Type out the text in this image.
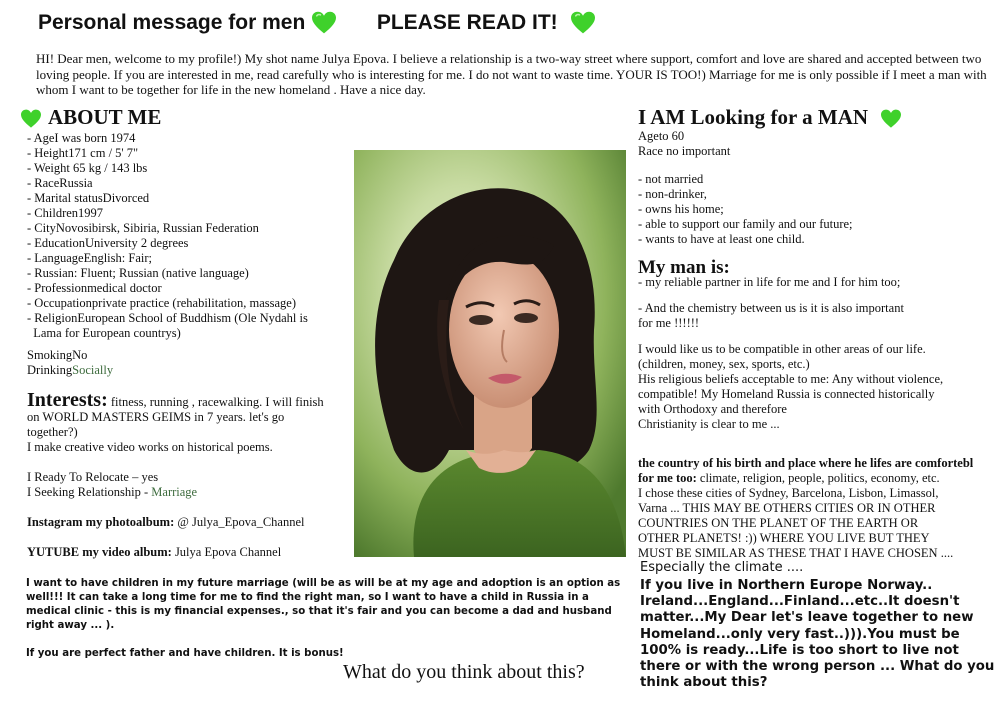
Personal message for men	PLEASE READ IT!
HI! Dear men, welcome to my profile!) My shot name Julya Epova. I believe a relationship is a two-way street where support, comfort and love are shared and accepted between two loving people. If you are interested in me, read carefully who is interesting for me. I do not want to waste time. YOUR IS TOO!) Marriage for me is only possible if I meet a man with whom I want to be together for life in the new homeland . Have a nice day.
ABOUT ME
- AgeI was born 1974
- Height171 cm / 5' 7"
- Weight 65 kg / 143 lbs
- RaceRussia
- Marital statusDivorced
- Children1997
- CityNovosibirsk, Sibiria, Russian Federation
- EducationUniversity 2 degrees
- LanguageEnglish: Fair;
- Russian: Fluent; Russian (native language)
- Professionmedical doctor
- Occupationprivate practice (rehabilitation, massage)
- ReligionEuropean School of Buddhism (Ole Nydahl is
Lama for European countrys)
SmokingNo
DrinkingSocially
Interests: fitness, running , racewalking. I will finish
on WORLD MASTERS GEIMS in 7 years. let's go
together?)
I make creative video works on historical poems.
I Ready To Relocate – yes
I Seeking Relationship - Marriage
Instagram my photoalbum: @ Julya_Epova_Channel
YUTUBE my video album: Julya Epova Channel
I want to have children in my future marriage (will be as will be at my age and adoption is an option as well!!! It can take a long time for me to find the right man, so I want to have a child in Russia in a medical clinic - this is my financial expenses., so that it's fair and you can become a dad and husband right away ... ).
If you are perfect father and have children. It is bonus!
What do you think about this?
I AM Looking for a MAN
Ageto 60
Race no important
- not married
- non-drinker,
- owns his home;
- able to support our family and our future;
- wants to have at least one child.
My man is:
- my reliable partner in life for me and I for him too;
- And the chemistry between us is it is also important
for me !!!!!!
I would like us to be compatible in other areas of our life.
(children, money, sex, sports, etc.)
His religious beliefs acceptable to me: Any without violence,
compatible! My Homeland Russia is connected historically
with Orthodoxy and therefore
Christianity is clear to me ...
the country of his birth and place where he lifes are comfortebl
for me too: climate, religion, people, politics, economy, etc.
I chose these cities of Sydney, Barcelona, Lisbon, Limassol,
Varna ... THIS MAY BE OTHERS CITIES OR IN OTHER
COUNTRIES ON THE PLANET OF THE EARTH OR
OTHER PLANETS! :)) WHERE YOU LIVE BUT THEY
MUST BE SIMILAR AS THESE THAT I HAVE CHOSEN ....
Especially the climate ....
If you live in Northern Europe Norway.. Ireland...England...Finland...etc..It doesn't matter...My Dear let's leave together to new Homeland...only very fast..))).You must be 100% is ready...Life is too short to live not there or with the wrong person ... What do you think about this?
